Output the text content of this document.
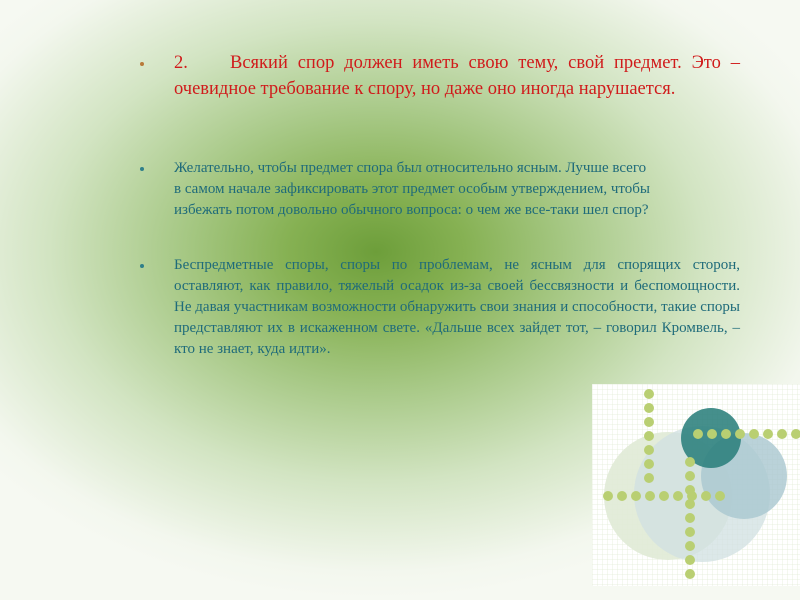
2. Всякий спор должен иметь свою тему, свой предмет. Это – очевидное требование к спору, но даже оно иногда нарушается.
Желательно, чтобы предмет спора был относительно ясным. Лучше всего
в самом начале зафиксировать этот предмет особым утверждением, чтобы
избежать потом довольно обычного вопроса: о чем же все-таки шел спор?
Беспредметные споры, споры по проблемам, не ясным для спорящих сторон, оставляют, как правило, тяжелый осадок из-за своей бессвязности и беспомощности. Не давая участникам возможности обнаружить свои знания и способности, такие споры представляют их в искаженном свете. «Дальше всех зайдет тот, – говорил Кромвель, – кто не знает, куда идти».
